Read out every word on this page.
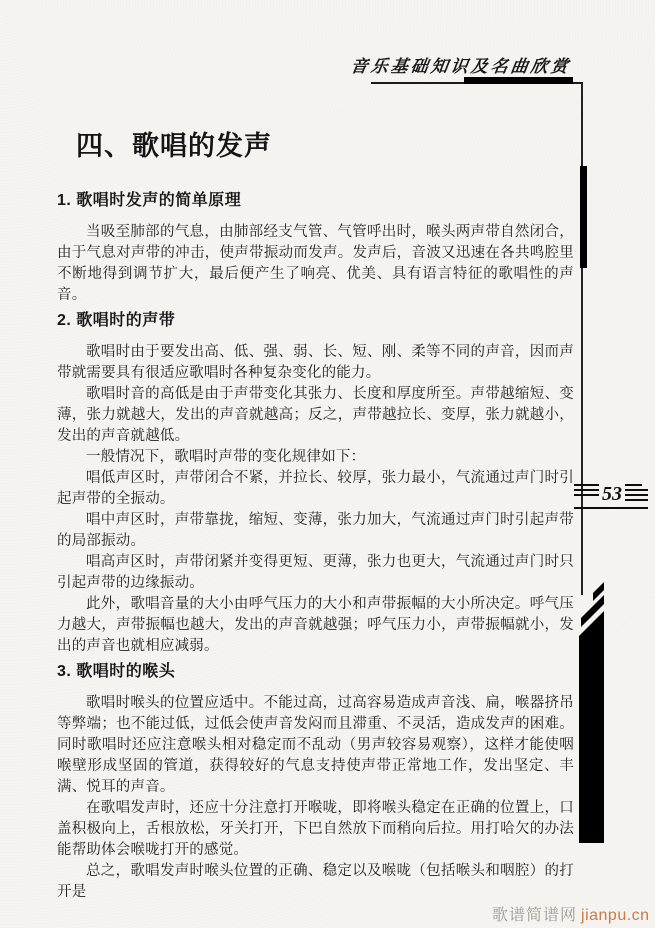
音乐基础知识及名曲欣赏
四、歌唱的发声
1. 歌唱时发声的简单原理

当吸至肺部的气息，由肺部经支气管、气管呼出时，喉头两声带自然闭合，由于气息对声带的冲击，使声带振动而发声。发声后，音波又迅速在各共鸣腔里不断地得到调节扩大，最后便产生了响亮、优美、具有语言特征的歌唱性的声音。

2. 歌唱时的声带

歌唱时由于要发出高、低、强、弱、长、短、刚、柔等不同的声音，因而声带就需要具有很适应歌唱时各种复杂变化的能力。

歌唱时音的高低是由于声带变化其张力、长度和厚度所至。声带越缩短、变薄，张力就越大，发出的声音就越高；反之，声带越拉长、变厚，张力就越小，发出的声音就越低。

一般情况下，歌唱时声带的变化规律如下：

唱低声区时，声带闭合不紧，并拉长、较厚，张力最小，气流通过声门时引起声带的全振动。

唱中声区时，声带靠拢，缩短、变薄，张力加大，气流通过声门时引起声带的局部振动。

唱高声区时，声带闭紧并变得更短、更薄，张力也更大，气流通过声门时只引起声带的边缘振动。

此外，歌唱音量的大小由呼气压力的大小和声带振幅的大小所决定。呼气压力越大，声带振幅也越大，发出的声音就越强；呼气压力小，声带振幅就小，发出的声音也就相应减弱。

3. 歌唱时的喉头

歌唱时喉头的位置应适中。不能过高，过高容易造成声音浅、扁，喉器挤吊等弊端；也不能过低，过低会使声音发闷而且滞重、不灵活，造成发声的困难。同时歌唱时还应注意喉头相对稳定而不乱动（男声较容易观察），这样才能使咽喉壁形成坚固的管道，获得较好的气息支持使声带正常地工作，发出坚定、丰满、悦耳的声音。

在歌唱发声时，还应十分注意打开喉咙，即将喉头稳定在正确的位置上，口盖积极向上，舌根放松，牙关打开，下巴自然放下而稍向后拉。用打哈欠的办法能帮助体会喉咙打开的感觉。

总之，歌唱发声时喉头位置的正确、稳定以及喉咙（包括喉头和咽腔）的打开是

53
歌谱简谱网 jianpu.cn
